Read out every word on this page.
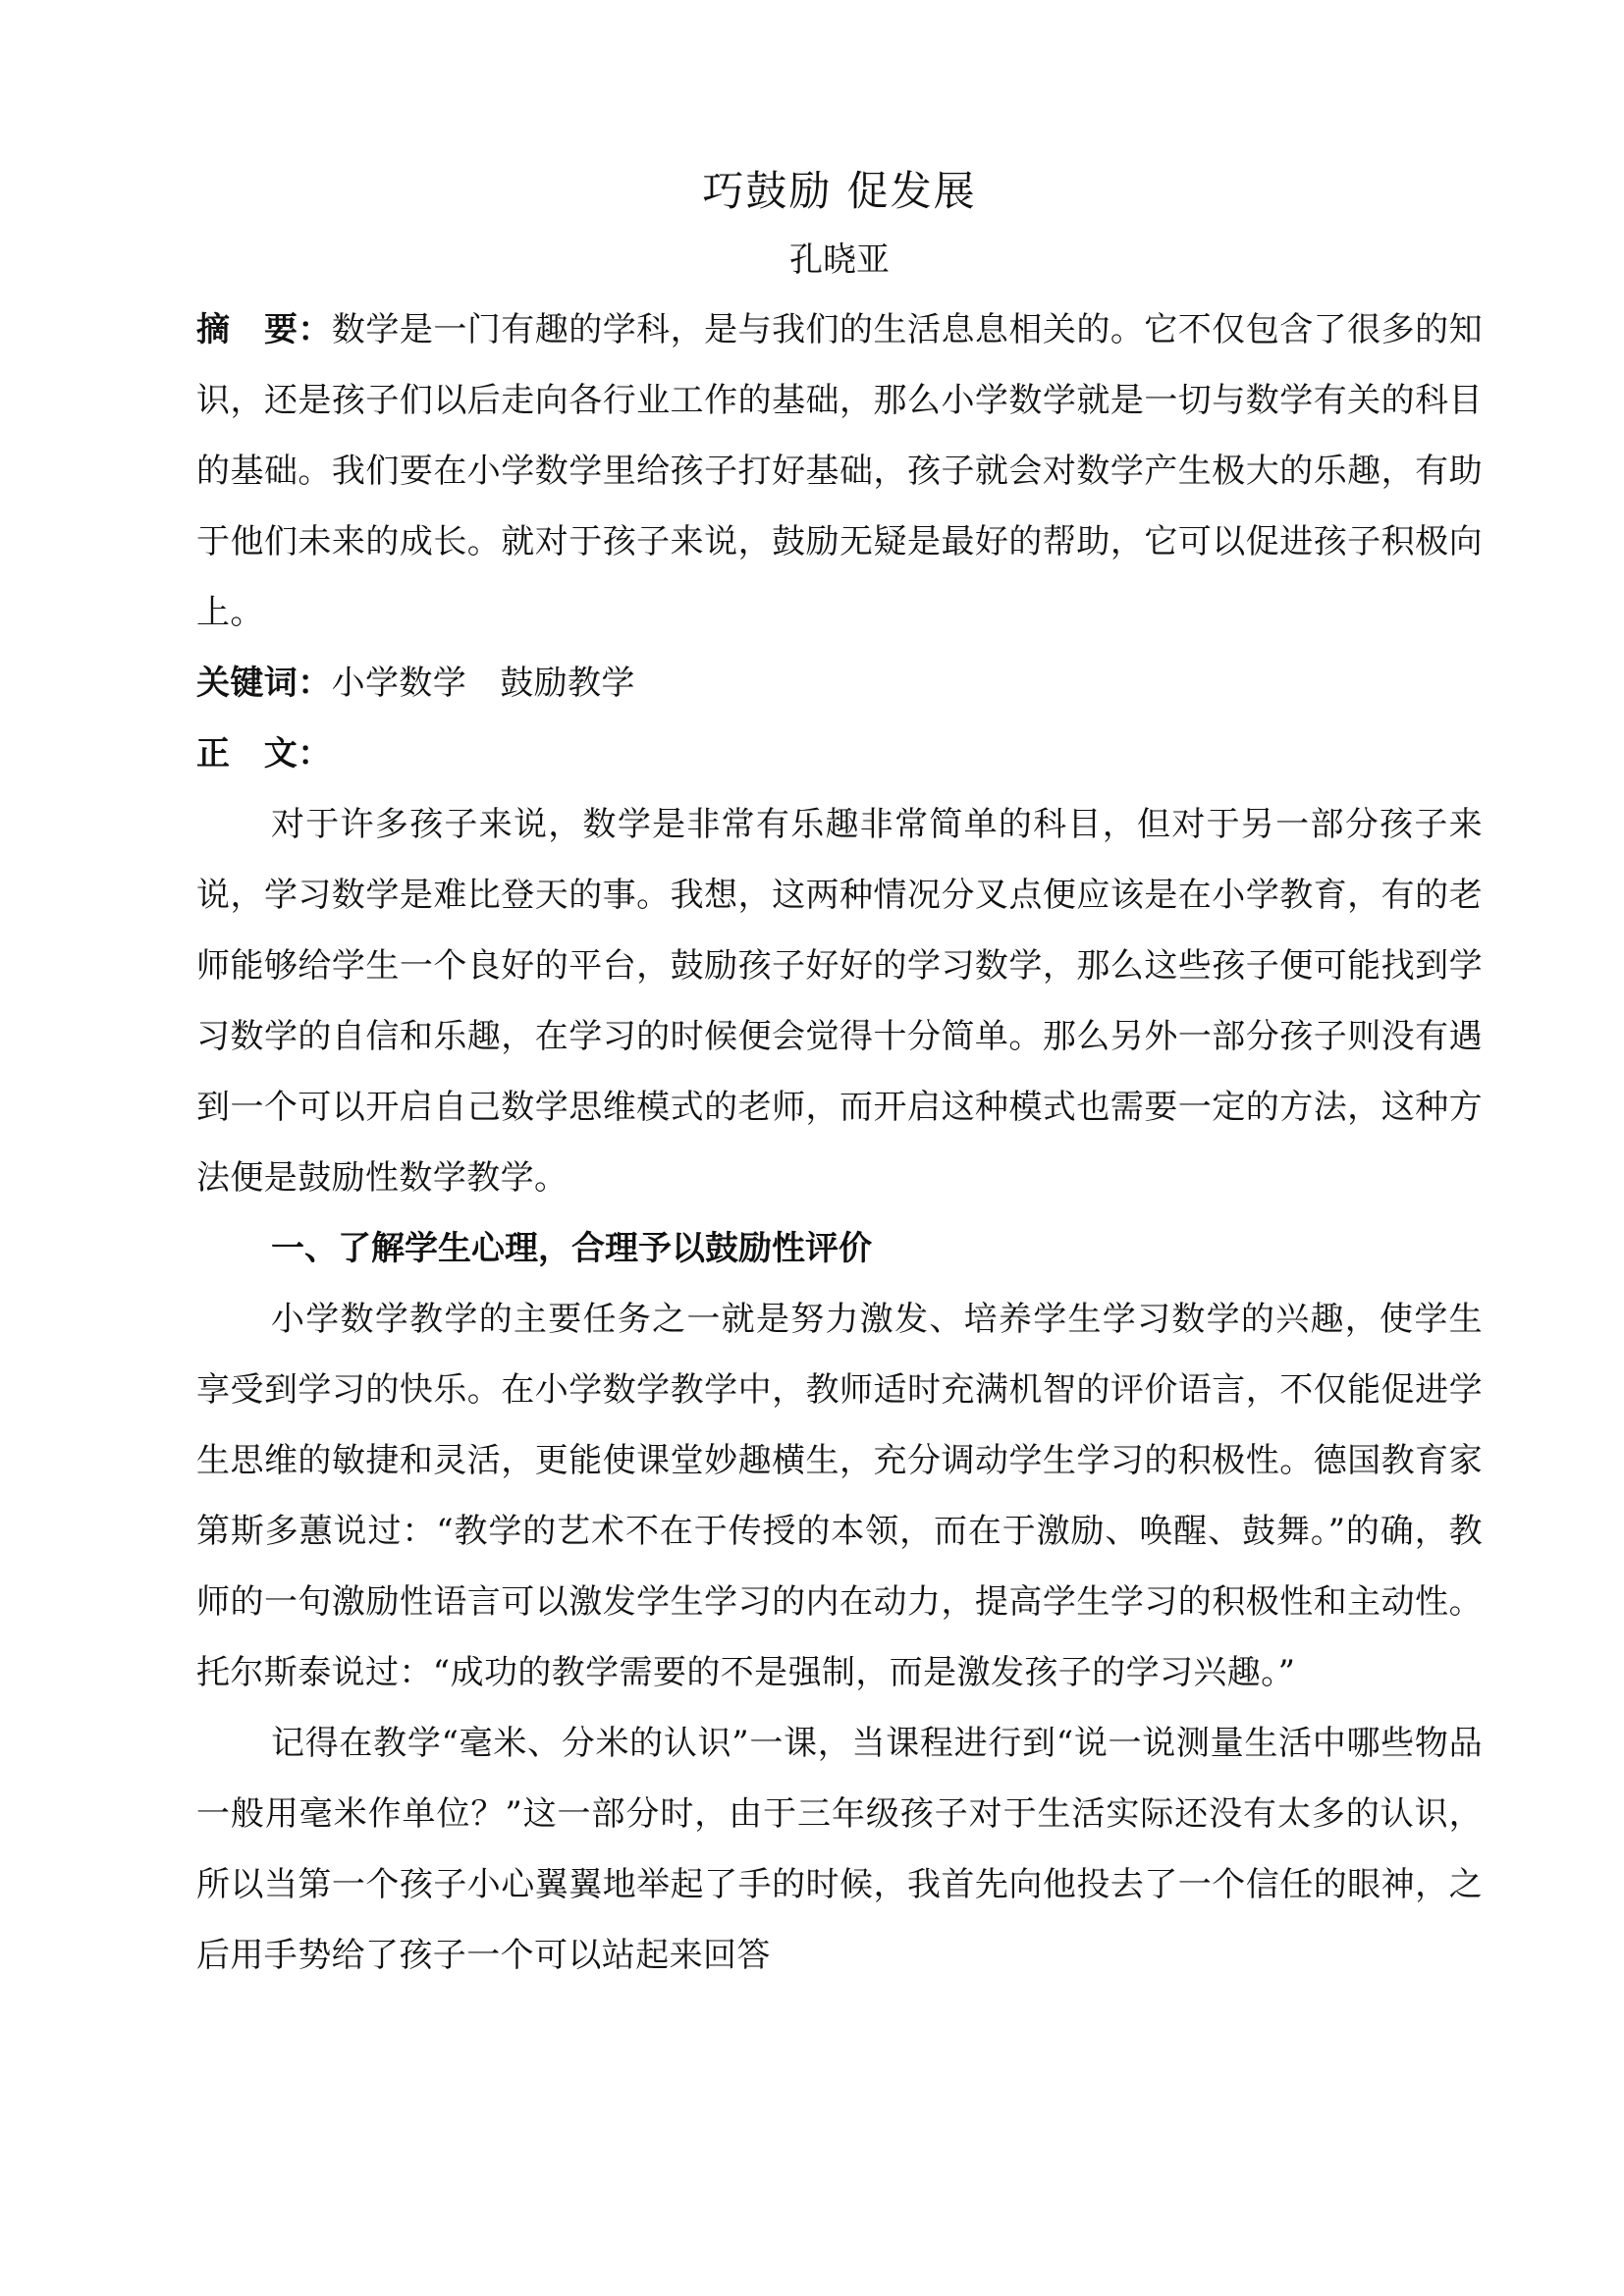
巧鼓励 促发展

孔晓亚

摘　要：数学是一门有趣的学科，是与我们的生活息息相关的。它不仅包含了很多的知识，还是孩子们以后走向各行业工作的基础，那么小学数学就是一切与数学有关的科目的基础。我们要在小学数学里给孩子打好基础，孩子就会对数学产生极大的乐趣，有助于他们未来的成长。就对于孩子来说，鼓励无疑是最好的帮助，它可以促进孩子积极向上。

关键词：小学数学 鼓励教学

正　文：

对于许多孩子来说，数学是非常有乐趣非常简单的科目，但对于另一部分孩子来说，学习数学是难比登天的事。我想，这两种情况分叉点便应该是在小学教育，有的老师能够给学生一个良好的平台，鼓励孩子好好的学习数学，那么这些孩子便可能找到学习数学的自信和乐趣，在学习的时候便会觉得十分简单。那么另外一部分孩子则没有遇到一个可以开启自己数学思维模式的老师，而开启这种模式也需要一定的方法，这种方法便是鼓励性数学教学。

一、了解学生心理，合理予以鼓励性评价

小学数学教学的主要任务之一就是努力激发、培养学生学习数学的兴趣，使学生享受到学习的快乐。在小学数学教学中，教师适时充满机智的评价语言，不仅能促进学生思维的敏捷和灵活，更能使课堂妙趣横生，充分调动学生学习的积极性。德国教育家第斯多蕙说过：“教学的艺术不在于传授的本领，而在于激励、唤醒、鼓舞。”的确，教师的一句激励性语言可以激发学生学习的内在动力，提高学生学习的积极性和主动性。托尔斯泰说过：“成功的教学需要的不是强制，而是激发孩子的学习兴趣。”

记得在教学“毫米、分米的认识”一课，当课程进行到“说一说测量生活中哪些物品一般用毫米作单位？”这一部分时，由于三年级孩子对于生活实际还没有太多的认识，所以当第一个孩子小心翼翼地举起了手的时候，我首先向他投去了一个信任的眼神，之后用手势给了孩子一个可以站起来回答
